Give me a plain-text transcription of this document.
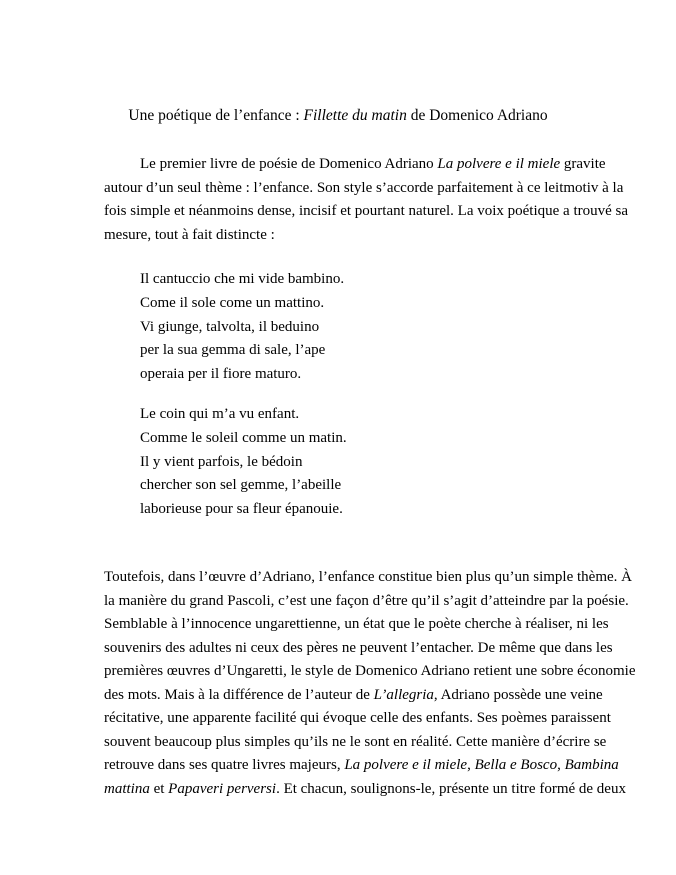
Une poétique de l’enfance : Fillette du matin de Domenico Adriano
Le premier livre de poésie de Domenico Adriano La polvere e il miele gravite
autour d’un seul thème : l’enfance. Son style s’accorde parfaitement à ce leitmotiv à la
fois simple et néanmoins dense, incisif et pourtant naturel. La voix poétique a trouvé sa
mesure, tout à fait distincte :
Il cantuccio che mi vide bambino.
Come il sole come un mattino.
Vi giunge, talvolta, il beduino
per la sua gemma di sale, l’ape
operaia per il fiore maturo.
Le coin qui m’a vu enfant.
Comme le soleil comme un matin.
Il y vient parfois, le bédoin
chercher son sel gemme, l’abeille
laborieuse pour sa fleur épanouie.
Toutefois, dans l’œuvre d’Adriano, l’enfance constitue bien plus qu’un simple thème. À
la manière du grand Pascoli, c’est une façon d’être qu’il s’agit d’atteindre par la poésie.
Semblable à l’innocence ungarettienne, un état que le poète cherche à réaliser, ni les
souvenirs des adultes ni ceux des pères ne peuvent l’entacher. De même que dans les
premières œuvres d’Ungaretti, le style de Domenico Adriano retient une sobre économie
des mots. Mais à la différence de l’auteur de L’allegria, Adriano possède une veine
récitative, une apparente facilité qui évoque celle des enfants. Ses poèmes paraissent
souvent beaucoup plus simples qu’ils ne le sont en réalité. Cette manière d’écrire se
retrouve dans ses quatre livres majeurs, La polvere e il miele, Bella e Bosco, Bambina
mattina et Papaveri perversi. Et chacun, soulignons-le, présente un titre formé de deux
